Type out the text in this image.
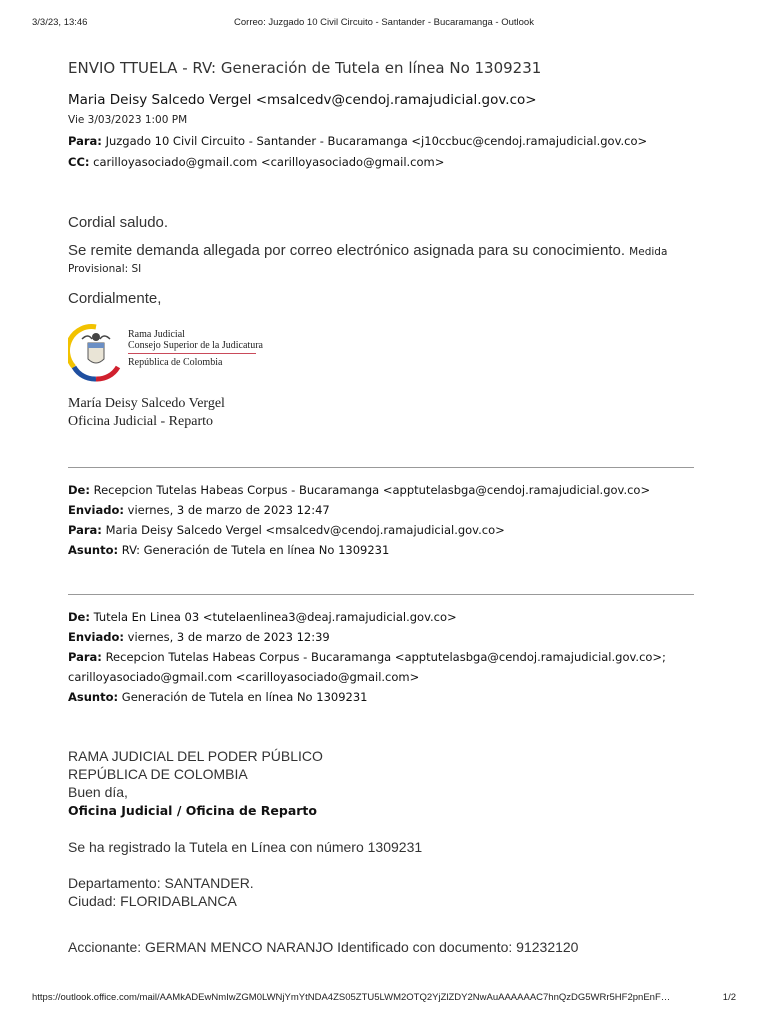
3/3/23, 13:46	Correo: Juzgado 10 Civil Circuito - Santander - Bucaramanga - Outlook
ENVIO TTUELA - RV: Generación de Tutela en línea No 1309231
Maria Deisy Salcedo Vergel <msalcedv@cendoj.ramajudicial.gov.co>
Vie 3/03/2023 1:00 PM
Para: Juzgado 10 Civil Circuito - Santander - Bucaramanga <j10ccbuc@cendoj.ramajudicial.gov.co>
CC: carilloyasociado@gmail.com <carilloyasociado@gmail.com>
Cordial saludo.
Se remite demanda allegada por correo electrónico asignada para su conocimiento. Medida
Provisional: SI
Cordialmente,
Rama Judicial
Consejo Superior de la Judicatura
República de Colombia
María Deisy Salcedo Vergel
Oficina Judicial - Reparto
De: Recepcion Tutelas Habeas Corpus - Bucaramanga <apptutelasbga@cendoj.ramajudicial.gov.co>
Enviado: viernes, 3 de marzo de 2023 12:47
Para: Maria Deisy Salcedo Vergel <msalcedv@cendoj.ramajudicial.gov.co>
Asunto: RV: Generación de Tutela en línea No 1309231
De: Tutela En Linea 03 <tutelaenlinea3@deaj.ramajudicial.gov.co>
Enviado: viernes, 3 de marzo de 2023 12:39
Para: Recepcion Tutelas Habeas Corpus - Bucaramanga <apptutelasbga@cendoj.ramajudicial.gov.co>;
carilloyasociado@gmail.com <carilloyasociado@gmail.com>
Asunto: Generación de Tutela en línea No 1309231
RAMA JUDICIAL DEL PODER PÚBLICO
REPÚBLICA DE COLOMBIA
Buen día,
Oficina Judicial / Oficina de Reparto
Se ha registrado la Tutela en Línea con número 1309231
Departamento: SANTANDER.
Ciudad: FLORIDABLANCA
Accionante: GERMAN MENCO NARANJO Identificado con documento: 91232120
https://outlook.office.com/mail/AAMkADEwNmIwZGM0LWNjYmYtNDA4ZS05ZTU5LWM2OTQ2YjZlZDY2NwAuAAAAAAC7hnQzDG5WRr5HF2pnEnF…	1/2
